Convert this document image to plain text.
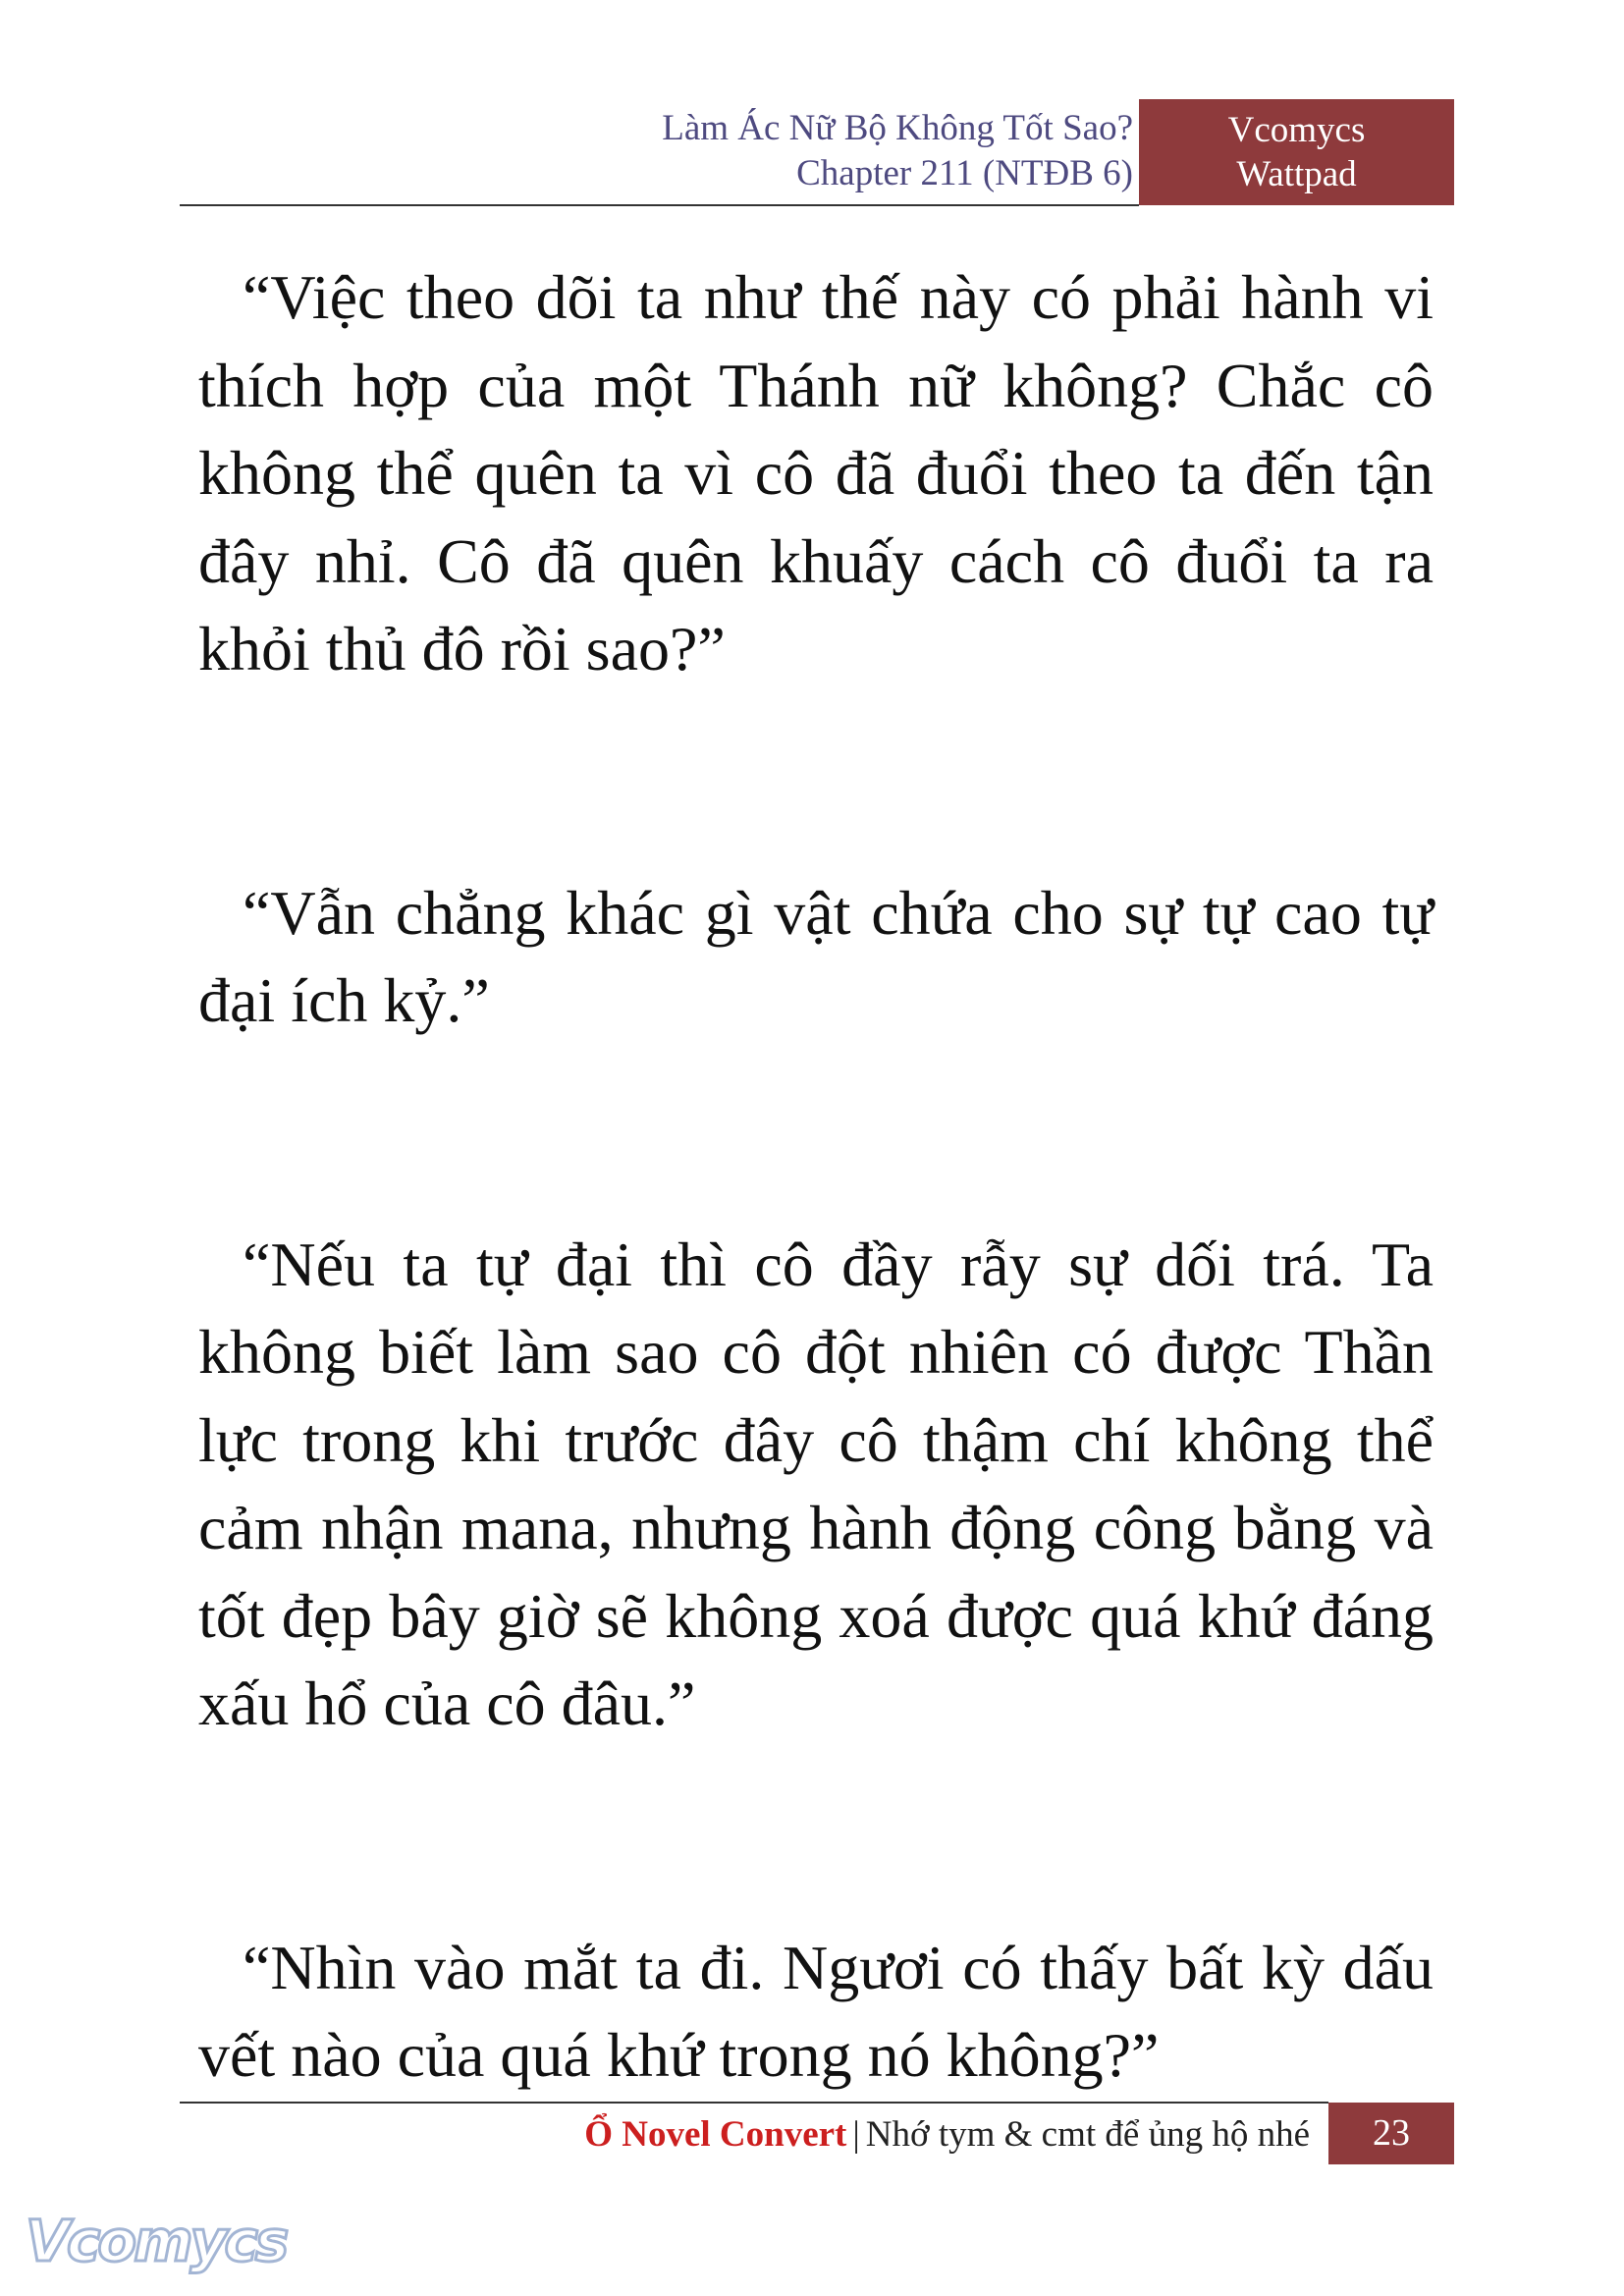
Làm Ác Nữ Bộ Không Tốt Sao?
Chapter 211 (NTĐB 6)
Vcomycs
Wattpad

“Việc theo dõi ta như thế này có phải hành vi thích hợp của một Thánh nữ không? Chắc cô không thể quên ta vì cô đã đuổi theo ta đến tận đây nhỉ. Cô đã quên khuấy cách cô đuổi ta ra khỏi thủ đô rồi sao?”

“Vẫn chẳng khác gì vật chứa cho sự tự cao tự đại ích kỷ.”

“Nếu ta tự đại thì cô đầy rẫy sự dối trá. Ta không biết làm sao cô đột nhiên có được Thần lực trong khi trước đây cô thậm chí không thể cảm nhận mana, nhưng hành động công bằng và tốt đẹp bây giờ sẽ không xoá được quá khứ đáng xấu hổ của cô đâu.”

“Nhìn vào mắt ta đi. Ngươi có thấy bất kỳ dấu vết nào của quá khứ trong nó không?”

Ổ Novel Convert | Nhớ tym & cmt để ủng hộ nhé	23
Vcomycs
